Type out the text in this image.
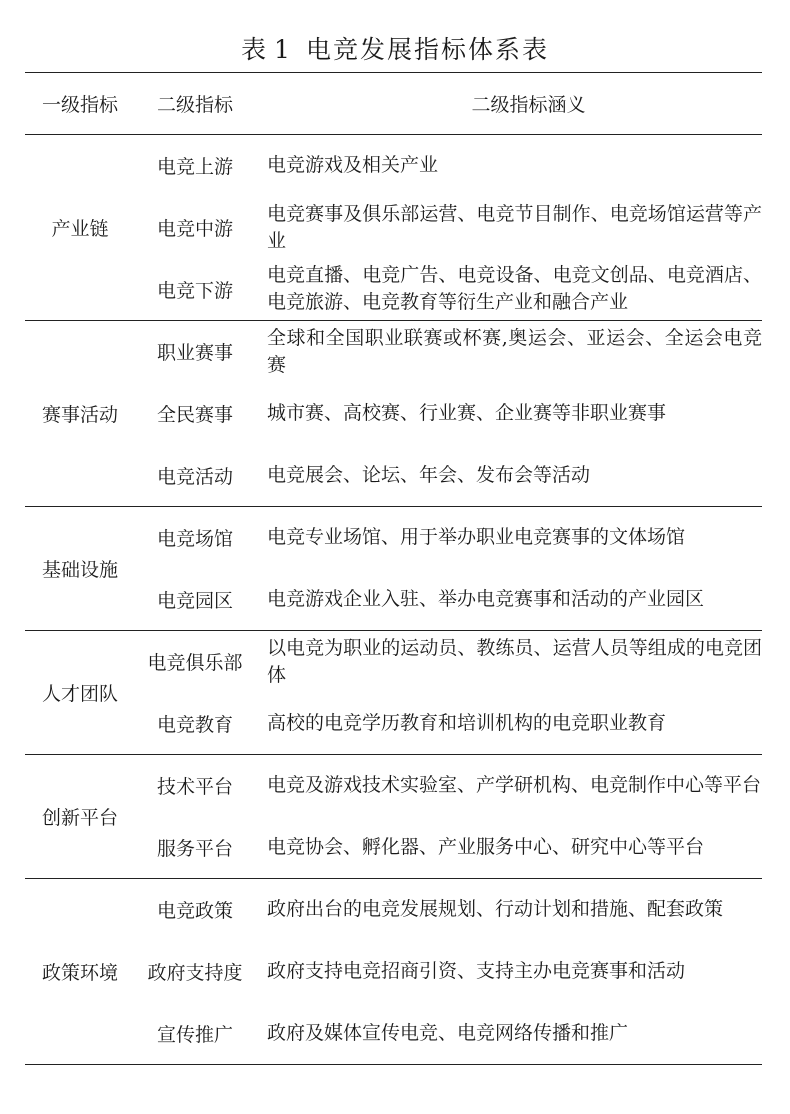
表 1 电竞发展指标体系表
一级指标	二级指标	二级指标涵义
产业链	电竞上游	电竞游戏及相关产业
	电竞中游	电竞赛事及俱乐部运营、电竞节目制作、电竞场馆运营等产业
	电竞下游	电竞直播、电竞广告、电竞设备、电竞文创品、电竞酒店、电竞旅游、电竞教育等衍生产业和融合产业
赛事活动	职业赛事	全球和全国职业联赛或杯赛,奥运会、亚运会、全运会电竞赛
	全民赛事	城市赛、高校赛、行业赛、企业赛等非职业赛事
	电竞活动	电竞展会、论坛、年会、发布会等活动
基础设施	电竞场馆	电竞专业场馆、用于举办职业电竞赛事的文体场馆
	电竞园区	电竞游戏企业入驻、举办电竞赛事和活动的产业园区
人才团队	电竞俱乐部	以电竞为职业的运动员、教练员、运营人员等组成的电竞团体
	电竞教育	高校的电竞学历教育和培训机构的电竞职业教育
创新平台	技术平台	电竞及游戏技术实验室、产学研机构、电竞制作中心等平台
	服务平台	电竞协会、孵化器、产业服务中心、研究中心等平台
政策环境	电竞政策	政府出台的电竞发展规划、行动计划和措施、配套政策
	政府支持度	政府支持电竞招商引资、支持主办电竞赛事和活动
	宣传推广	政府及媒体宣传电竞、电竞网络传播和推广
